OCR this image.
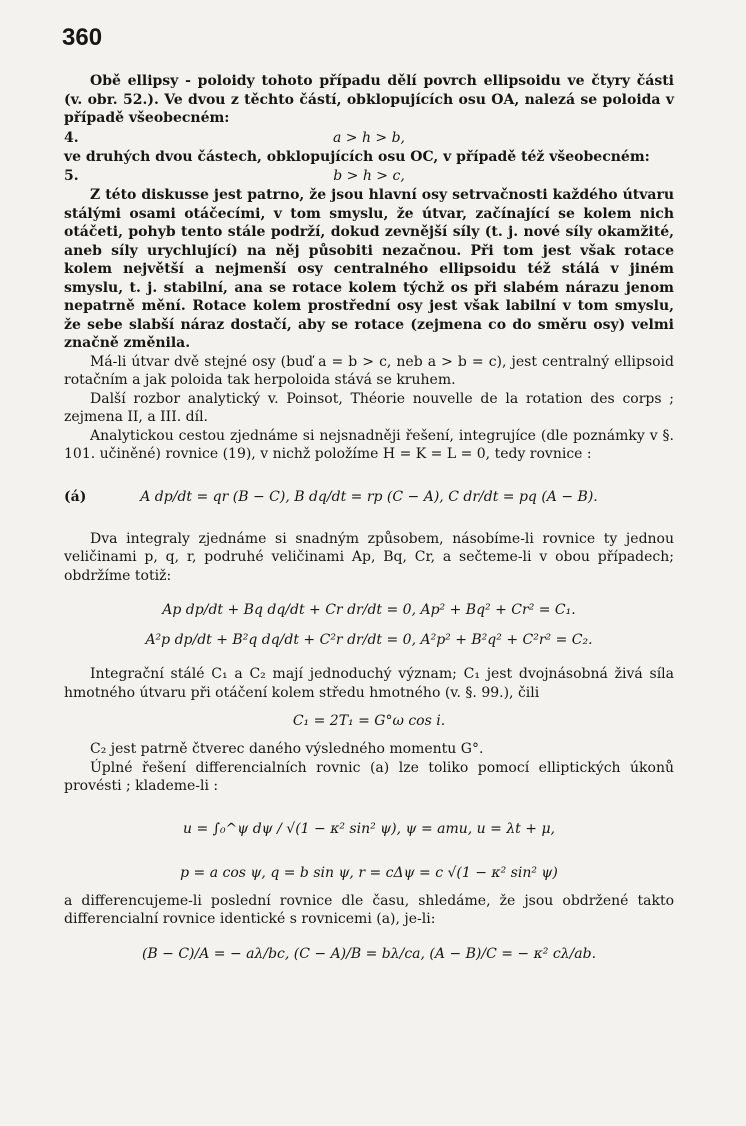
360

Obě ellipsy - poloidy tohoto případu dělí povrch ellipsoidu ve čtyry části (v. obr. 52.). Ve dvou z těchto částí, obklopujících osu OA, nalezá se poloida v případě všeobecném:

4.	a > h > b,

ve druhých dvou částech, obklopujících osu OC, v případě též všeobecném:

5.	b > h > c,

Z této diskusse jest patrno, že jsou hlavní osy setrvačnosti každého útvaru stálými osami otáčecími, v tom smyslu, že útvar, začínající se kolem nich otáčeti, pohyb tento stále podrží, dokud zevnější síly (t. j. nové síly okamžité, aneb síly urychlující) na něj působiti nezačnou. Při tom jest však rotace kolem největší a nejmenší osy centralného ellipsoidu též stálá v jiném smyslu, t. j. stabilní, ana se rotace kolem týchž os při slabém nárazu jenom nepatrně mění. Rotace kolem prostřední osy jest však labilní v tom smyslu, že sebe slabší náraz dostačí, aby se rotace (zejmena co do směru osy) velmi značně změnila.

Má-li útvar dvě stejné osy (buď a = b > c, neb a > b = c), jest centralný ellipsoid rotačním a jak poloida tak herpoloida stává se kruhem.

Další rozbor analytický v. Poinsot, Théorie nouvelle de la rotation des corps ; zejmena II, a III. díl.

Analytickou cestou zjednáme si nejsnadněji řešení, integrujíce (dle poznámky v §. 101. učiněné) rovnice (19), v nichž položíme H = K = L = 0, tedy rovnice :

(á)	A dp/dt = qr (B − C), B dq/dt = rp (C − A), C dr/dt = pq (A − B).

Dva integraly zjednáme si snadným způsobem, násobíme-li rovnice ty jednou veličinami p, q, r, podruhé veličinami Ap, Bq, Cr, a sečteme-li v obou případech; obdržíme totiž:

Ap dp/dt + Bq dq/dt + Cr dr/dt = 0, Ap² + Bq² + Cr² = C₁.

A²p dp/dt + B²q dq/dt + C²r dr/dt = 0, A²p² + B²q² + C²r² = C₂.

Integrační stálé C₁ a C₂ mají jednoduchý význam; C₁ jest dvojnásobná živá síla hmotného útvaru při otáčení kolem středu hmotného (v. §. 99.), čili

C₁ = 2T₁ = G°ω cos i.

C₂ jest patrně čtverec daného výsledného momentu G°.

Úplné řešení differencialních rovnic (a) lze toliko pomocí elliptických úkonů provésti ; klademe-li :

u = ∫₀^ψ dψ / √(1 − κ² sin² ψ), ψ = amu, u = λt + μ,

p = a cos ψ, q = b sin ψ, r = cΔψ = c √(1 − κ² sin² ψ)

a differencujeme-li poslední rovnice dle času, shledáme, že jsou obdržené takto differencialní rovnice identické s rovnicemi (a), je-li:

(B − C)/A = − aλ/bc, (C − A)/B = bλ/ca, (A − B)/C = − κ² cλ/ab.
